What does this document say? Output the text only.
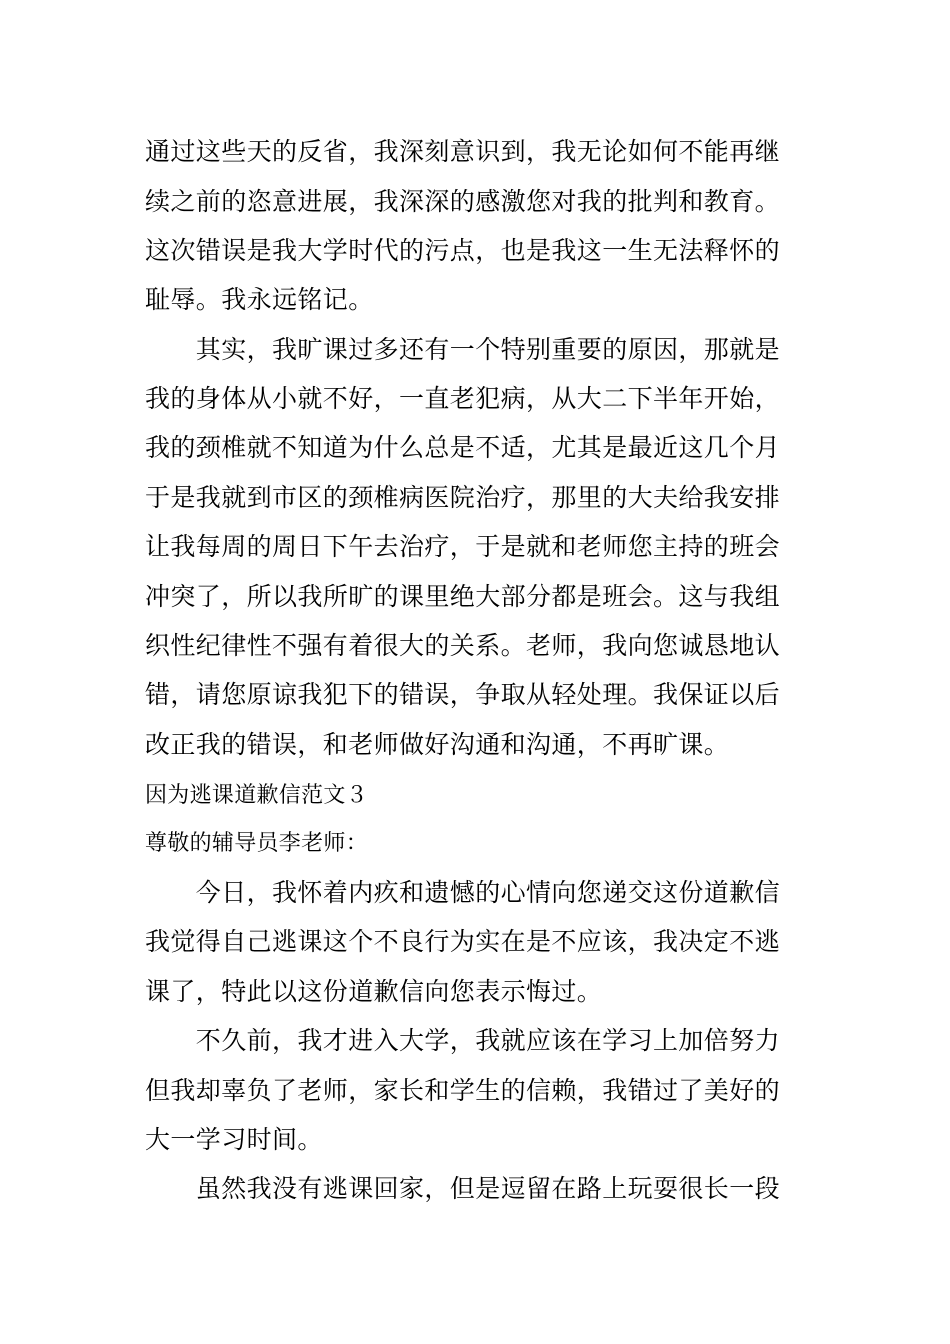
通过这些天的反省，我深刻意识到，我无论如何不能再继
续之前的恣意进展，我深深的感激您对我的批判和教育。
这次错误是我大学时代的污点，也是我这一生无法释怀的
耻辱。我永远铭记。
　　其实，我旷课过多还有一个特别重要的原因，那就是
我的身体从小就不好，一直老犯病，从大二下半年开始，
我的颈椎就不知道为什么总是不适，尤其是最近这几个月
于是我就到市区的颈椎病医院治疗，那里的大夫给我安排
让我每周的周日下午去治疗，于是就和老师您主持的班会
冲突了，所以我所旷的课里绝大部分都是班会。这与我组
织性纪律性不强有着很大的关系。老师，我向您诚恳地认
错，请您原谅我犯下的错误，争取从轻处理。我保证以后
改正我的错误，和老师做好沟通和沟通，不再旷课。
因为逃课道歉信范文３
尊敬的辅导员李老师：
　　今日，我怀着内疚和遗憾的心情向您递交这份道歉信
我觉得自己逃课这个不良行为实在是不应该，我决定不逃
课了，特此以这份道歉信向您表示悔过。
　　不久前，我才进入大学，我就应该在学习上加倍努力
但我却辜负了老师，家长和学生的信赖，我错过了美好的
大一学习时间。
　　虽然我没有逃课回家，但是逗留在路上玩耍很长一段
